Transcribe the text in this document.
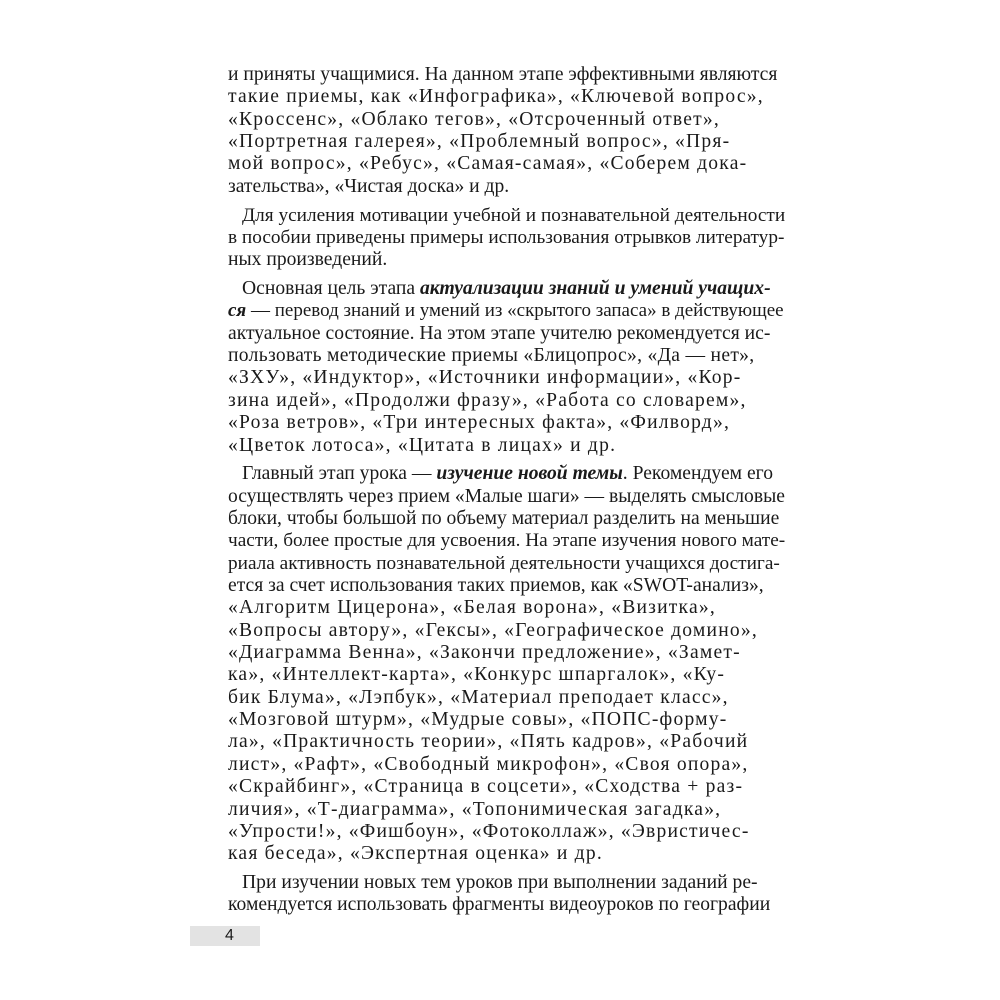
и приняты учащимися. На данном этапе эффективными являются
такие приемы, как «Инфографика», «Ключевой вопрос»,
«Кроссенс», «Облако тегов», «Отсроченный ответ»,
«Портретная галерея», «Проблемный вопрос», «Пря-
мой вопрос», «Ребус», «Самая-самая», «Соберем дока-
зательства», «Чистая доска» и др.
Для усиления мотивации учебной и познавательной деятельности
в пособии приведены примеры использования отрывков литератур-
ных произведений.
Основная цель этапа актуализации знаний и умений учащих-
ся — перевод знаний и умений из «скрытого запаса» в действующее
актуальное состояние. На этом этапе учителю рекомендуется ис-
пользовать методические приемы «Блицопрос», «Да — нет»,
«ЗХУ», «Индуктор», «Источники информации», «Кор-
зина идей», «Продолжи фразу», «Работа со словарем»,
«Роза ветров», «Три интересных факта», «Филворд»,
«Цветок лотоса», «Цитата в лицах» и др.
Главный этап урока — изучение новой темы. Рекомендуем его
осуществлять через прием «Малые шаги» — выделять смысловые
блоки, чтобы большой по объему материал разделить на меньшие
части, более простые для усвоения. На этапе изучения нового мате-
риала активность познавательной деятельности учащихся достига-
ется за счет использования таких приемов, как «SWOT-анализ»,
«Алгоритм Цицерона», «Белая ворона», «Визитка»,
«Вопросы автору», «Гексы», «Географическое домино»,
«Диаграмма Венна», «Закончи предложение», «Замет-
ка», «Интеллект-карта», «Конкурс шпаргалок», «Ку-
бик Блума», «Лэпбук», «Материал преподает класс»,
«Мозговой штурм», «Мудрые совы», «ПОПС-форму-
ла», «Практичность теории», «Пять кадров», «Рабочий
лист», «Рафт», «Свободный микрофон», «Своя опора»,
«Скрайбинг», «Страница в соцсети», «Сходства + раз-
личия», «Т-диаграмма», «Топонимическая загадка»,
«Упрости!», «Фишбоун», «Фотоколлаж», «Эвристичес-
кая беседа», «Экспертная оценка» и др.
При изучении новых тем уроков при выполнении заданий ре-
комендуется использовать фрагменты видеоуроков по географии
4
